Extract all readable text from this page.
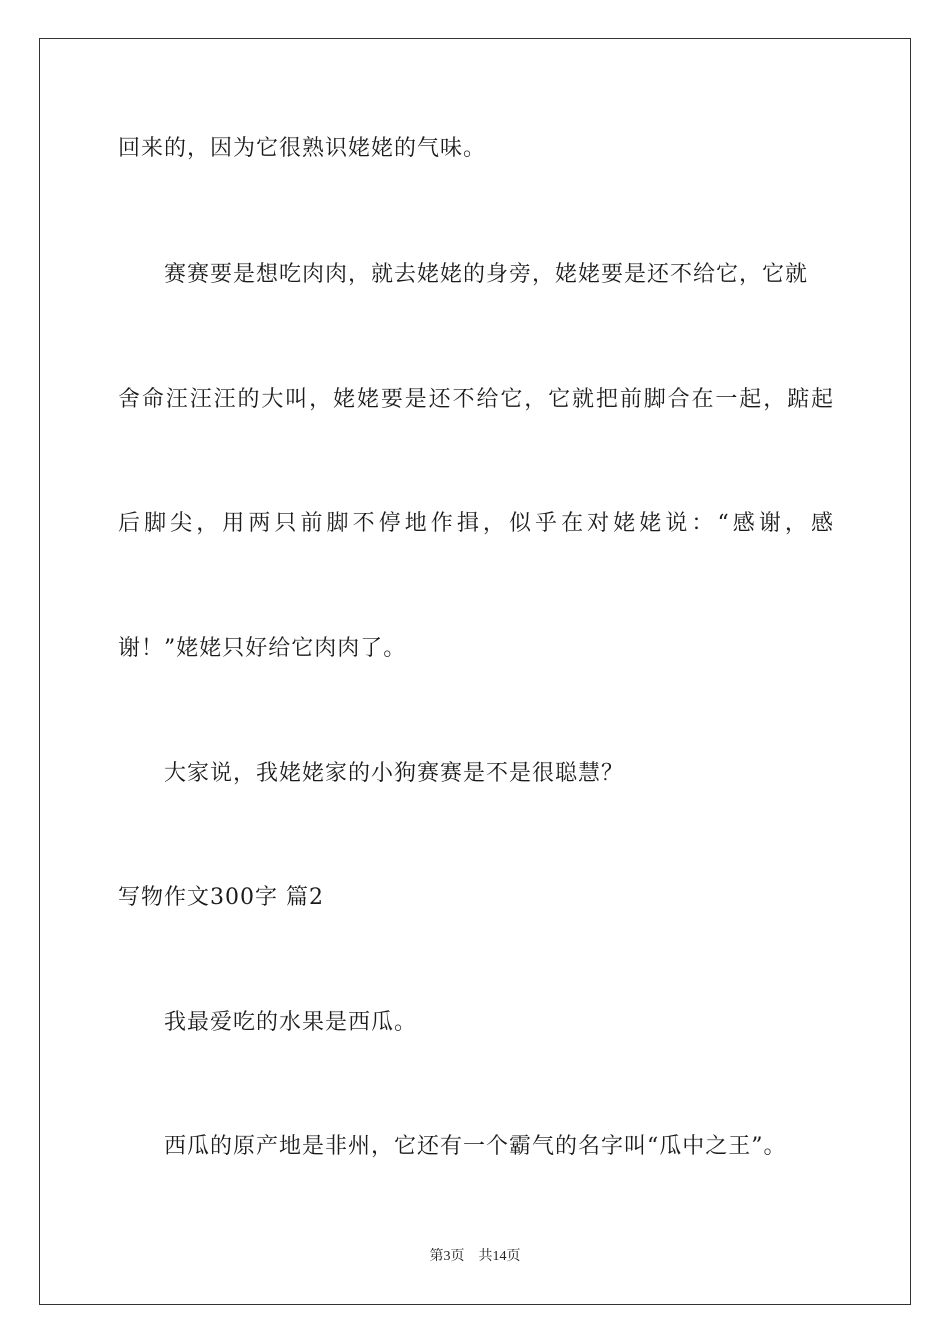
回来的，因为它很熟识姥姥的气味。
赛赛要是想吃肉肉，就去姥姥的身旁，姥姥要是还不给它，它就
舍命汪汪汪的大叫，姥姥要是还不给它，它就把前脚合在一起，踮起
后脚尖，用两只前脚不停地作揖，似乎在对姥姥说：“感谢，感
谢！”姥姥只好给它肉肉了。
大家说，我姥姥家的小狗赛赛是不是很聪慧？
写物作文300字 篇2
我最爱吃的水果是西瓜。
西瓜的原产地是非州，它还有一个霸气的名字叫“瓜中之王”。
第3页 共14页
